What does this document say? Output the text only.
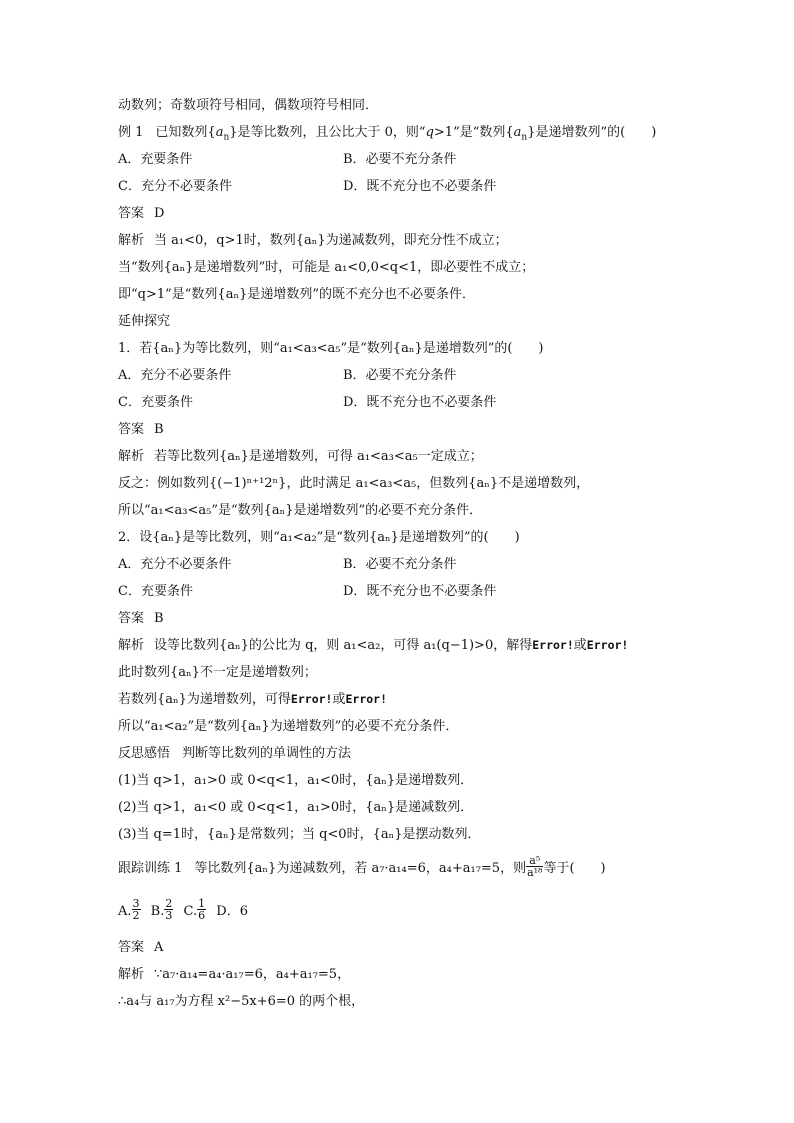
动数列；奇数项符号相同，偶数项符号相同．
例 1 已知数列$\{a_n\}$是等比数列，且公比大于 0，则“q>1”是“数列$\{a_n\}$是递增数列”的(　　)
A．充要条件	B．必要不充分条件
C．充分不必要条件	D．既不充分也不必要条件
答案 D
解析 当 a₁<0，q>1时，数列{aₙ}为递减数列，即充分性不成立；
当“数列{aₙ}是递增数列”时，可能是 a₁<0,0<q<1，即必要性不成立；
即“q>1”是“数列{aₙ}是递增数列”的既不充分也不必要条件．
延伸探究
1．若{aₙ}为等比数列，则“a₁<a₃<a₅”是“数列{aₙ}是递增数列”的(　　)
A．充分不必要条件	B．必要不充分条件
C．充要条件	D．既不充分也不必要条件
答案 B
解析 若等比数列{aₙ}是递增数列，可得 a₁<a₃<a₅一定成立；
反之：例如数列{(−1)ⁿ⁺¹2ⁿ}，此时满足 a₁<a₃<a₅，但数列{aₙ}不是递增数列，
所以“a₁<a₃<a₅”是“数列{aₙ}是递增数列”的必要不充分条件．
2．设{aₙ}是等比数列，则“a₁<a₂”是“数列{aₙ}是递增数列”的(　　)
A．充分不必要条件	B．必要不充分条件
C．充要条件	D．既不充分也不必要条件
答案 B
解析 设等比数列{aₙ}的公比为 q，则 a₁<a₂，可得 a₁(q−1)>0，解得Error!或Error!
此时数列{aₙ}不一定是递增数列；
若数列{aₙ}为递增数列，可得Error!或Error!
所以“a₁<a₂”是“数列{aₙ}为递增数列”的必要不充分条件．
反思感悟 判断等比数列的单调性的方法
(1)当 q>1，a₁>0 或 0<q<1，a₁<0时，{aₙ}是递增数列．
(2)当 q>1，a₁<0 或 0<q<1，a₁>0时，{aₙ}是递减数列．
(3)当 q=1时，{aₙ}是常数列；当 q<0时，{aₙ}是摆动数列．
跟踪训练 1 等比数列{aₙ}为递减数列，若 a₇·a₁₄=6，a₄+a₁₇=5，则 $\frac{\text{a⁵}}{\text{a¹⁸}}$ 等于(　　)
A. $\frac{3}{2} B$. $\frac{2}{3} C$. $\frac{1}{6}$ D．6
答案 A
解析 ∵a₇·a₁₄=a₄·a₁₇=6，a₄+a₁₇=5，
∴a₄与 a₁₇为方程 x²−5x+6=0 的两个根，
